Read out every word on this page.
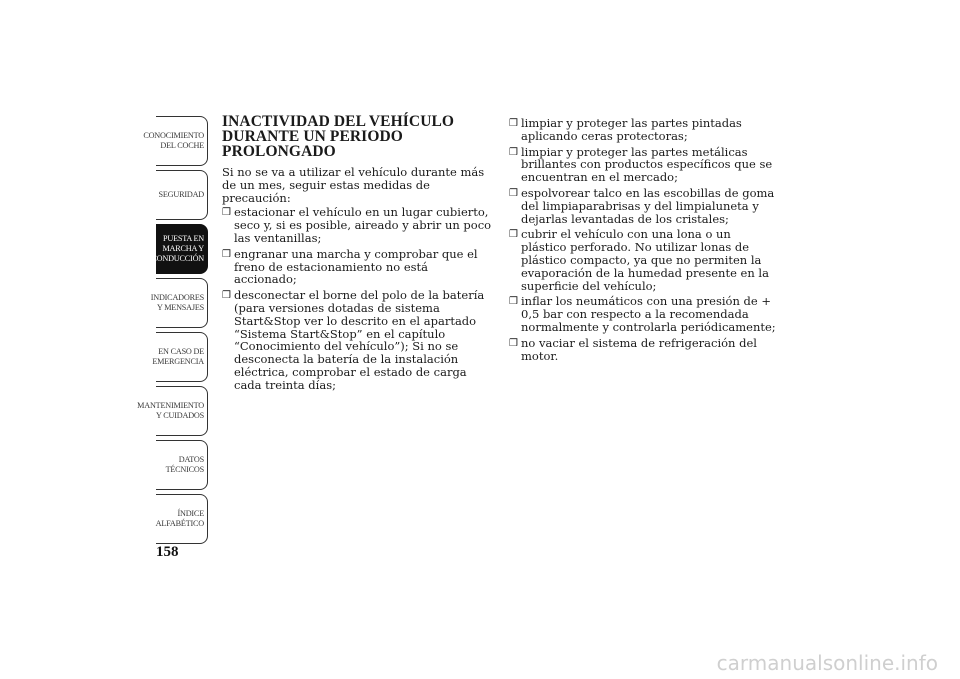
CONOCIMIENTO DEL COCHE
SEGURIDAD
PUESTA EN MARCHA Y CONDUCCIÓN
INDICADORES Y MENSAJES
EN CASO DE EMERGENCIA
MANTENIMIENTO Y CUIDADOS
DATOS TÉCNICOS
ÍNDICE ALFABÉTICO
158
INACTIVIDAD DEL VEHÍCULO DURANTE UN PERIODO PROLONGADO

Si no se va a utilizar el vehículo durante más de un mes, seguir estas medidas de precaución:

❒ estacionar el vehículo en un lugar cubierto, seco y, si es posible, aireado y abrir un poco las ventanillas;
❒ engranar una marcha y comprobar que el freno de estacionamiento no está accionado;
❒ desconectar el borne del polo de la batería (para versiones dotadas de sistema Start&Stop ver lo descrito en el apartado “Sistema Start&Stop” en el capítulo “Conocimiento del vehículo”); Si no se desconecta la batería de la instalación eléctrica, comprobar el estado de carga cada treinta días;
❒ limpiar y proteger las partes pintadas aplicando ceras protectoras;
❒ limpiar y proteger las partes metálicas brillantes con productos específicos que se encuentran en el mercado;
❒ espolvorear talco en las escobillas de goma del limpiaparabrisas y del limpialuneta y dejarlas levantadas de los cristales;
❒ cubrir el vehículo con una lona o un plástico perforado. No utilizar lonas de plástico compacto, ya que no permiten la evaporación de la humedad presente en la superficie del vehículo;
❒ inflar los neumáticos con una presión de + 0,5 bar con respecto a la recomendada normalmente y controlarla periódicamente;
❒ no vaciar el sistema de refrigeración del motor.
carmanualsonline.info
